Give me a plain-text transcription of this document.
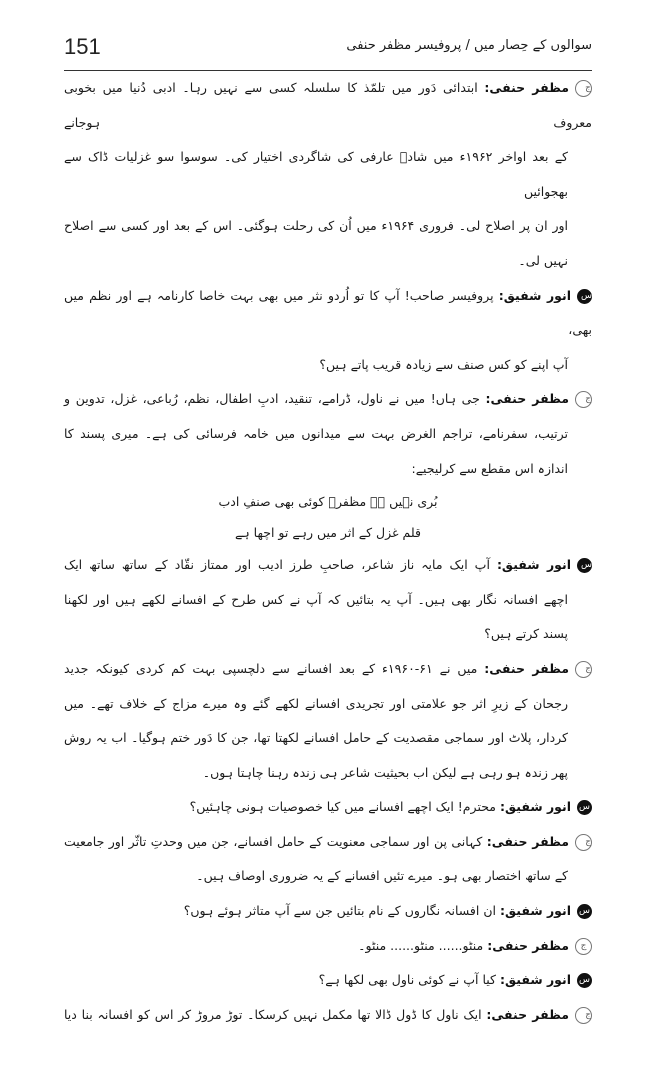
151	سوالوں کے حِصار میں / پروفیسر مظفر حنفی
جمظفر حنفی: ابتدائی دَور میں تلمّذ کا سلسلہ کسی سے نہیں رہا۔ ادبی دُنیا میں بخوبی معروف ہوجانے
کے بعد اواخر ۱۹۶۲ء میں شادؔ عارفی کی شاگردی اختیار کی۔ سوسوا سو غزلیات ڈاک سے بھجوائیں
اور ان پر اصلاح لی۔ فروری ۱۹۶۴ء میں اُن کی رحلت ہوگئی۔ اس کے بعد اور کسی سے اصلاح
نہیں لی۔
سانور شفیق: پروفیسر صاحب! آپ کا تو اُردو نثر میں بھی بہت خاصا کارنامہ ہے اور نظم میں بھی،
آپ اپنے کو کس صنف سے زیادہ قریب پاتے ہیں؟
جمظفر حنفی: جی ہاں! میں نے ناول، ڈرامے، تنقید، ادبِ اطفال، نظم، رُباعی، غزل، تدوین و
ترتیب، سفرنامے، تراجم الغرض بہت سے میدانوں میں خامہ فرسائی کی ہے۔ میری پسند کا
اندازہ اس مقطع سے کرلیجیے:
بُری نہیں ہے مظفرؔ کوئی بھی صنفِ ادب
قلم غزل کے اثر میں رہے تو اچھا ہے
سانور شفیق: آپ ایک مایہ ناز شاعر، صاحبِ طرز ادیب اور ممتاز نقّاد کے ساتھ ساتھ ایک
اچھے افسانہ نگار بھی ہیں۔ آپ یہ بتائیں کہ آپ نے کس طرح کے افسانے لکھے ہیں اور لکھنا
پسند کرتے ہیں؟
جمظفر حنفی: میں نے ۶۱-۱۹۶۰ء کے بعد افسانے سے دلچسپی بہت کم کردی کیونکہ جدید
رجحان کے زیرِ اثر جو علامتی اور تجریدی افسانے لکھے گئے وہ میرے مزاج کے خلاف تھے۔ میں
کردار، پلاٹ اور سماجی مقصدیت کے حامل افسانے لکھتا تھا، جن کا دَور ختم ہوگیا۔ اب یہ روش
پھر زندہ ہو رہی ہے لیکن اب بحیثیت شاعر ہی زندہ رہنا چاہتا ہوں۔
سانور شفیق: محترم! ایک اچھے افسانے میں کیا خصوصیات ہونی چاہئیں؟
جمظفر حنفی: کہانی پن اور سماجی معنویت کے حامل افسانے، جن میں وحدتِ تاثّر اور جامعیت
کے ساتھ اختصار بھی ہو۔ میرے تئیں افسانے کے یہ ضروری اوصاف ہیں۔
سانور شفیق: ان افسانہ نگاروں کے نام بتائیں جن سے آپ متاثر ہوئے ہوں؟
جمظفر حنفی: منٹو...... منٹو...... منٹو۔
سانور شفیق: کیا آپ نے کوئی ناول بھی لکھا ہے؟
جمظفر حنفی: ایک ناول کا ڈول ڈالا تھا مکمل نہیں کرسکا۔ توڑ مروڑ کر اس کو افسانہ بنا دیا
